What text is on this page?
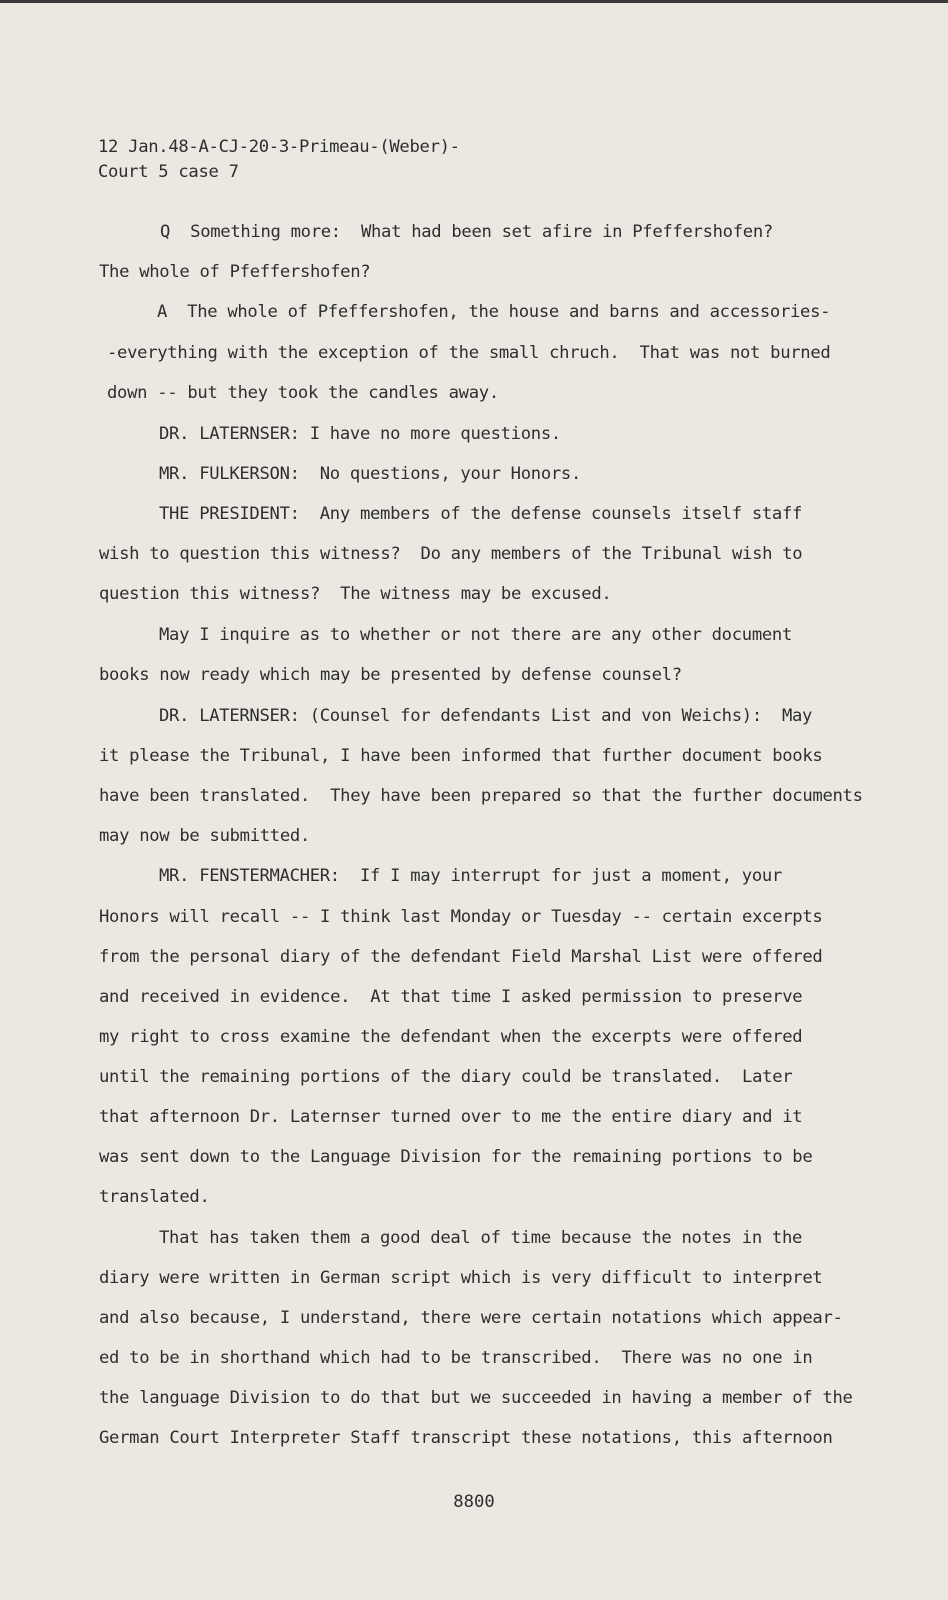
12 Jan.48-A-CJ-20-3-Primeau-(Weber)-
Court 5 case 7
Q  Something more:  What had been set afire in Pfeffershofen?
The whole of Pfeffershofen?
A  The whole of Pfeffershofen, the house and barns and accessories-
-everything with the exception of the small chruch.  That was not burned
down -- but they took the candles away.
DR. LATERNSER: I have no more questions.
MR. FULKERSON:  No questions, your Honors.
THE PRESIDENT:  Any members of the defense counsels itself staff
wish to question this witness?  Do any members of the Tribunal wish to
question this witness?  The witness may be excused.
May I inquire as to whether or not there are any other document
books now ready which may be presented by defense counsel?
DR. LATERNSER: (Counsel for defendants List and von Weichs):  May
it please the Tribunal, I have been informed that further document books
have been translated.  They have been prepared so that the further documents
may now be submitted.
MR. FENSTERMACHER:  If I may interrupt for just a moment, your
Honors will recall -- I think last Monday or Tuesday -- certain excerpts
from the personal diary of the defendant Field Marshal List were offered
and received in evidence.  At that time I asked permission to preserve
my right to cross examine the defendant when the excerpts were offered
until the remaining portions of the diary could be translated.  Later
that afternoon Dr. Laternser turned over to me the entire diary and it
was sent down to the Language Division for the remaining portions to be
translated.
That has taken them a good deal of time because the notes in the
diary were written in German script which is very difficult to interpret
and also because, I understand, there were certain notations which appear-
ed to be in shorthand which had to be transcribed.  There was no one in
the language Division to do that but we succeeded in having a member of the
German Court Interpreter Staff transcript these notations, this afternoon
8800
